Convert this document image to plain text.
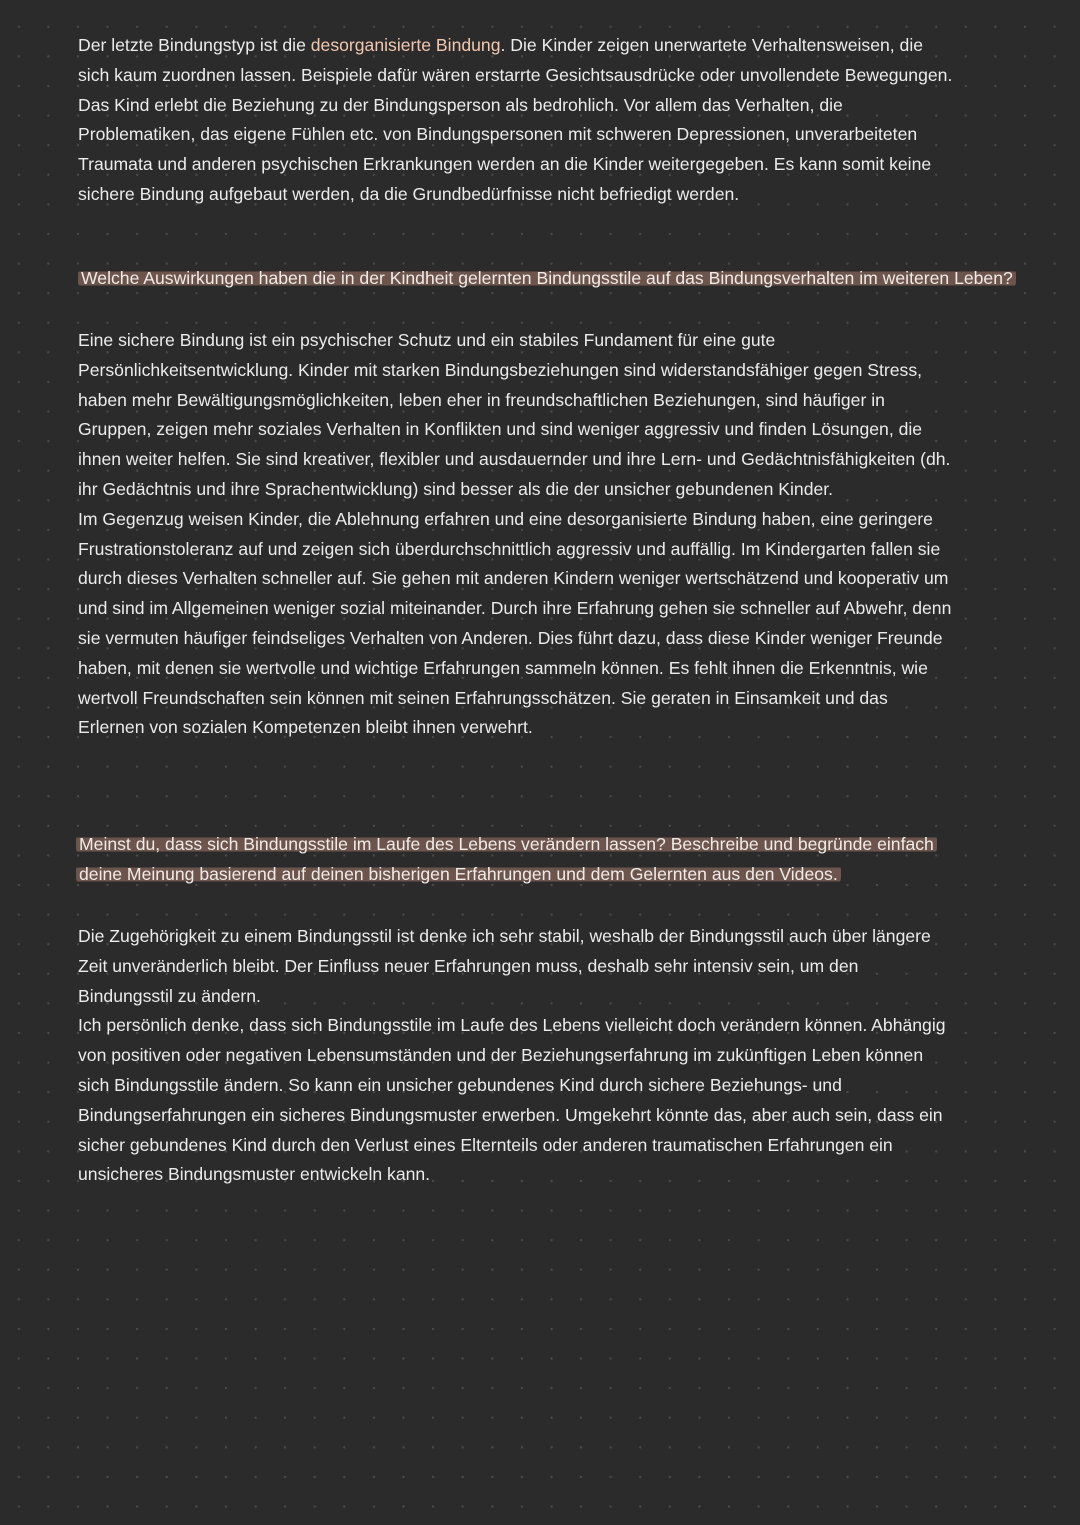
Der letzte Bindungstyp ist die desorganisierte Bindung. Die Kinder zeigen unerwartete Verhaltensweisen, die sich kaum zuordnen lassen. Beispiele dafür wären erstarrte Gesichtsausdrücke oder unvollendete Bewegungen. Das Kind erlebt die Beziehung zu der Bindungsperson als bedrohlich. Vor allem das Verhalten, die Problematiken, das eigene Fühlen etc. von Bindungspersonen mit schweren Depressionen, unverarbeiteten Traumata und anderen psychischen Erkrankungen werden an die Kinder weitergegeben. Es kann somit keine sichere Bindung aufgebaut werden, da die Grundbedürfnisse nicht befriedigt werden.

Welche Auswirkungen haben die in der Kindheit gelernten Bindungsstile auf das Bindungsverhalten im weiteren Leben?

Eine sichere Bindung ist ein psychischer Schutz und ein stabiles Fundament für eine gute Persönlichkeitsentwicklung. Kinder mit starken Bindungsbeziehungen sind widerstandsfähiger gegen Stress, haben mehr Bewältigungsmöglichkeiten, leben eher in freundschaftlichen Beziehungen, sind häufiger in Gruppen, zeigen mehr soziales Verhalten in Konflikten und sind weniger aggressiv und finden Lösungen, die ihnen weiter helfen. Sie sind kreativer, flexibler und ausdauernder und ihre Lern- und Gedächtnisfähigkeiten (dh. ihr Gedächtnis und ihre Sprachentwicklung) sind besser als die der unsicher gebundenen Kinder.

Im Gegenzug weisen Kinder, die Ablehnung erfahren und eine desorganisierte Bindung haben, eine geringere Frustrationstoleranz auf und zeigen sich überdurchschnittlich aggressiv und auffällig. Im Kindergarten fallen sie durch dieses Verhalten schneller auf. Sie gehen mit anderen Kindern weniger wertschätzend und kooperativ um und sind im Allgemeinen weniger sozial miteinander. Durch ihre Erfahrung gehen sie schneller auf Abwehr, denn sie vermuten häufiger feindseliges Verhalten von Anderen. Dies führt dazu, dass diese Kinder weniger Freunde haben, mit denen sie wertvolle und wichtige Erfahrungen sammeln können. Es fehlt ihnen die Erkenntnis, wie wertvoll Freundschaften sein können mit seinen Erfahrungsschätzen. Sie geraten in Einsamkeit und das Erlernen von sozialen Kompetenzen bleibt ihnen verwehrt.

Meinst du, dass sich Bindungsstile im Laufe des Lebens verändern lassen? Beschreibe und begründe einfach deine Meinung basierend auf deinen bisherigen Erfahrungen und dem Gelernten aus den Videos.

Die Zugehörigkeit zu einem Bindungsstil ist denke ich sehr stabil, weshalb der Bindungsstil auch über längere Zeit unveränderlich bleibt. Der Einfluss neuer Erfahrungen muss, deshalb sehr intensiv sein, um den Bindungsstil zu ändern.

Ich persönlich denke, dass sich Bindungsstile im Laufe des Lebens vielleicht doch verändern können. Abhängig von positiven oder negativen Lebensumständen und der Beziehungserfahrung im zukünftigen Leben können sich Bindungsstile ändern. So kann ein unsicher gebundenes Kind durch sichere Beziehungs- und Bindungserfahrungen ein sicheres Bindungsmuster erwerben. Umgekehrt könnte das, aber auch sein, dass ein sicher gebundenes Kind durch den Verlust eines Elternteils oder anderen traumatischen Erfahrungen ein unsicheres Bindungsmuster entwickeln kann.
